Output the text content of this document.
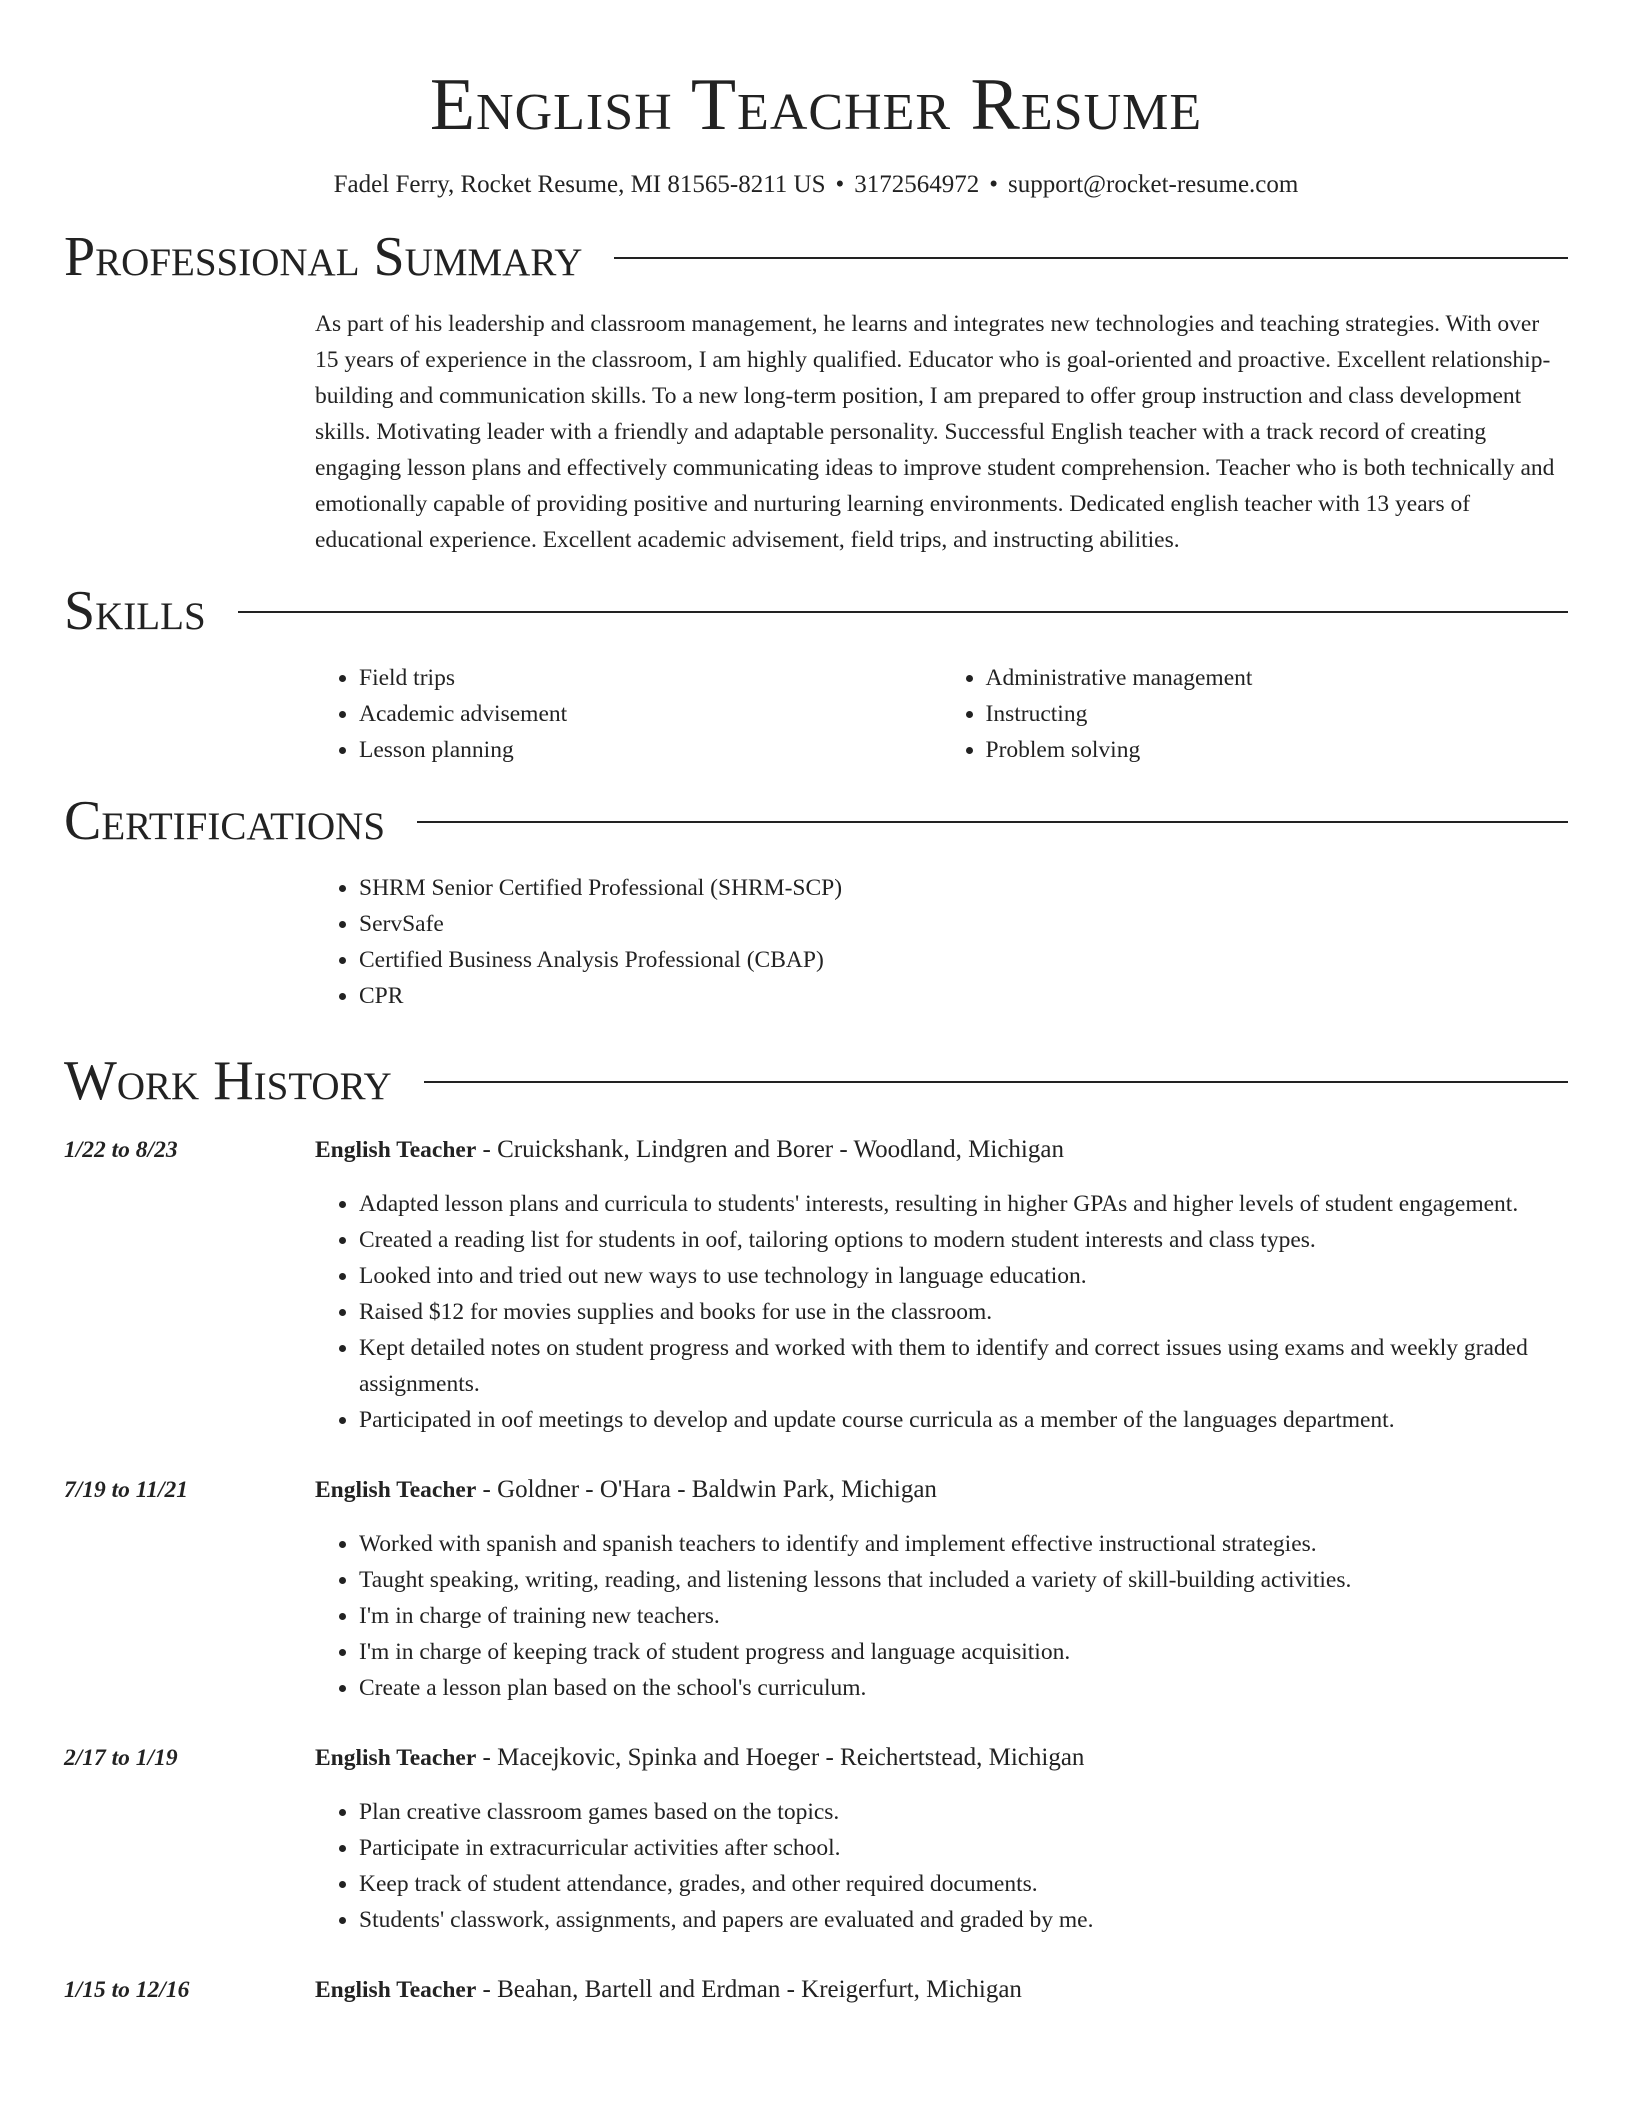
English Teacher Resume
Fadel Ferry, Rocket Resume, MI 81565-8211 US • 3172564972 • support@rocket-resume.com
Professional Summary

As part of his leadership and classroom management, he learns and integrates new technologies and teaching strategies. With over 15 years of experience in the classroom, I am highly qualified. Educator who is goal-oriented and proactive. Excellent relationship-building and communication skills. To a new long-term position, I am prepared to offer group instruction and class development skills. Motivating leader with a friendly and adaptable personality. Successful English teacher with a track record of creating engaging lesson plans and effectively communicating ideas to improve student comprehension. Teacher who is both technically and emotionally capable of providing positive and nurturing learning environments. Dedicated english teacher with 13 years of educational experience. Excellent academic advisement, field trips, and instructing abilities.

Skills
• Field trips
• Academic advisement
• Lesson planning
• Administrative management
• Instructing
• Problem solving
Certifications
• SHRM Senior Certified Professional (SHRM-SCP)
• ServSafe
• Certified Business Analysis Professional (CBAP)
• CPR
Work History
1/22 to 8/23	English Teacher - Cruickshank, Lindgren and Borer - Woodland, Michigan
• Adapted lesson plans and curricula to students' interests, resulting in higher GPAs and higher levels of student engagement.
• Created a reading list for students in oof, tailoring options to modern student interests and class types.
• Looked into and tried out new ways to use technology in language education.
• Raised $12 for movies supplies and books for use in the classroom.
• Kept detailed notes on student progress and worked with them to identify and correct issues using exams and weekly graded assignments.
• Participated in oof meetings to develop and update course curricula as a member of the languages department.
7/19 to 11/21	English Teacher - Goldner - O'Hara - Baldwin Park, Michigan
• Worked with spanish and spanish teachers to identify and implement effective instructional strategies.
• Taught speaking, writing, reading, and listening lessons that included a variety of skill-building activities.
• I'm in charge of training new teachers.
• I'm in charge of keeping track of student progress and language acquisition.
• Create a lesson plan based on the school's curriculum.
2/17 to 1/19	English Teacher - Macejkovic, Spinka and Hoeger - Reichertstead, Michigan
• Plan creative classroom games based on the topics.
• Participate in extracurricular activities after school.
• Keep track of student attendance, grades, and other required documents.
• Students' classwork, assignments, and papers are evaluated and graded by me.
1/15 to 12/16	English Teacher - Beahan, Bartell and Erdman - Kreigerfurt, Michigan
